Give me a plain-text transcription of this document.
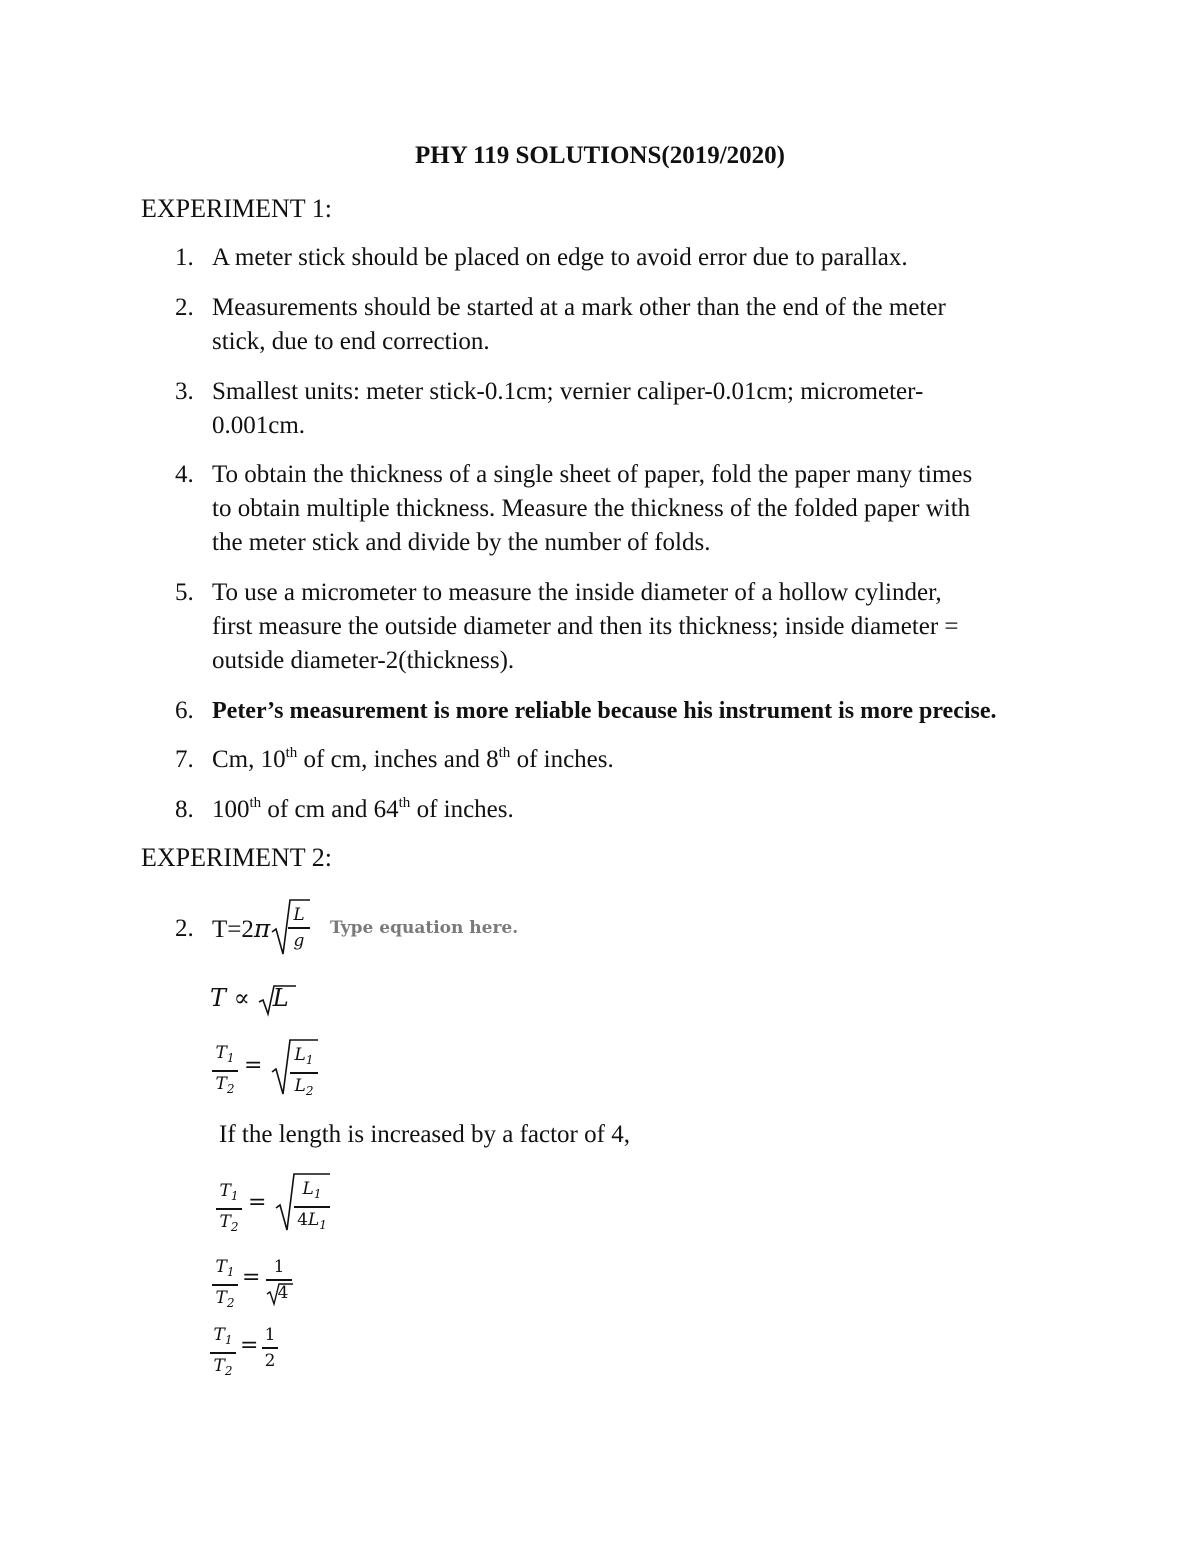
PHY 119 SOLUTIONS(2019/2020)
EXPERIMENT 1:
1. A meter stick should be placed on edge to avoid error due to parallax.
2. Measurements should be started at a mark other than the end of the meter
stick, due to end correction.
3. Smallest units: meter stick-0.1cm; vernier caliper-0.01cm; micrometer-
0.001cm.
4. To obtain the thickness of a single sheet of paper, fold the paper many times
to obtain multiple thickness. Measure the thickness of the folded paper with
the meter stick and divide by the number of folds.
5. To use a micrometer to measure the inside diameter of a hollow cylinder,
first measure the outside diameter and then its thickness; inside diameter =
outside diameter-2(thickness).
6. Peter’s measurement is more reliable because his instrument is more precise.
7. Cm, 10th of cm, inches and 8th of inches.
8. 100th of cm and 64th of inches.
EXPERIMENT 2:
2. T=2π	L
g
Type equation here.
T ∝ L
$T_1$
$T_2$
= $L_1$
$L_2$
If the length is increased by a factor of 4,
$T_1$
$T_2$
=
$L_1$
$4L_1$
$T_1$
$T_2$
= 1
4
$T_1$
$T_2$
= 1
2
